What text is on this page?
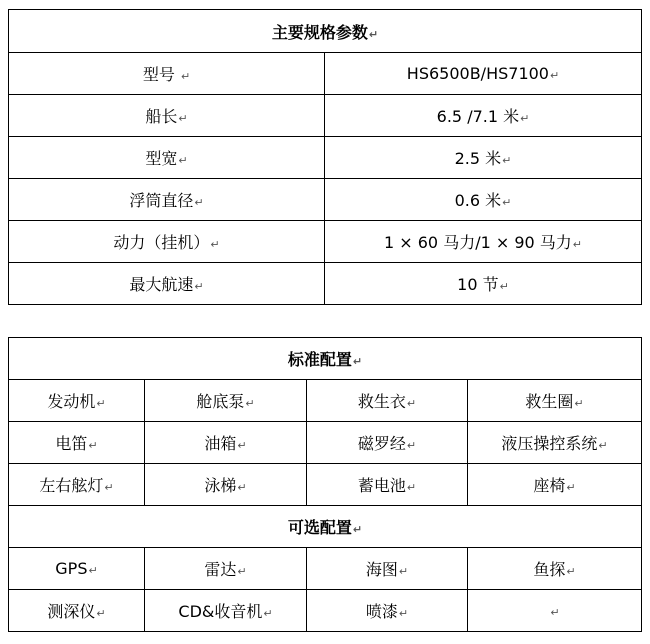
主要规格参数↵	
型号 ↵	HS6500B/HS7100↵
船长↵	6.5 /7.1 米↵
型宽↵	2.5 米↵
浮筒直径↵	0.6 米↵
动力（挂机）↵	1 × 60 马力/1 × 90 马力↵
最大航速↵	10 节↵
标准配置↵			
发动机↵	舱底泵↵	救生衣↵	救生圈↵
电笛↵	油箱↵	磁罗经↵	液压操控系统↵
左右舷灯↵	泳梯↵	蓄电池↵	座椅↵
可选配置↵			
GPS↵	雷达↵	海图↵	鱼探↵
测深仪↵	CD&收音机↵	喷漆↵	↵
